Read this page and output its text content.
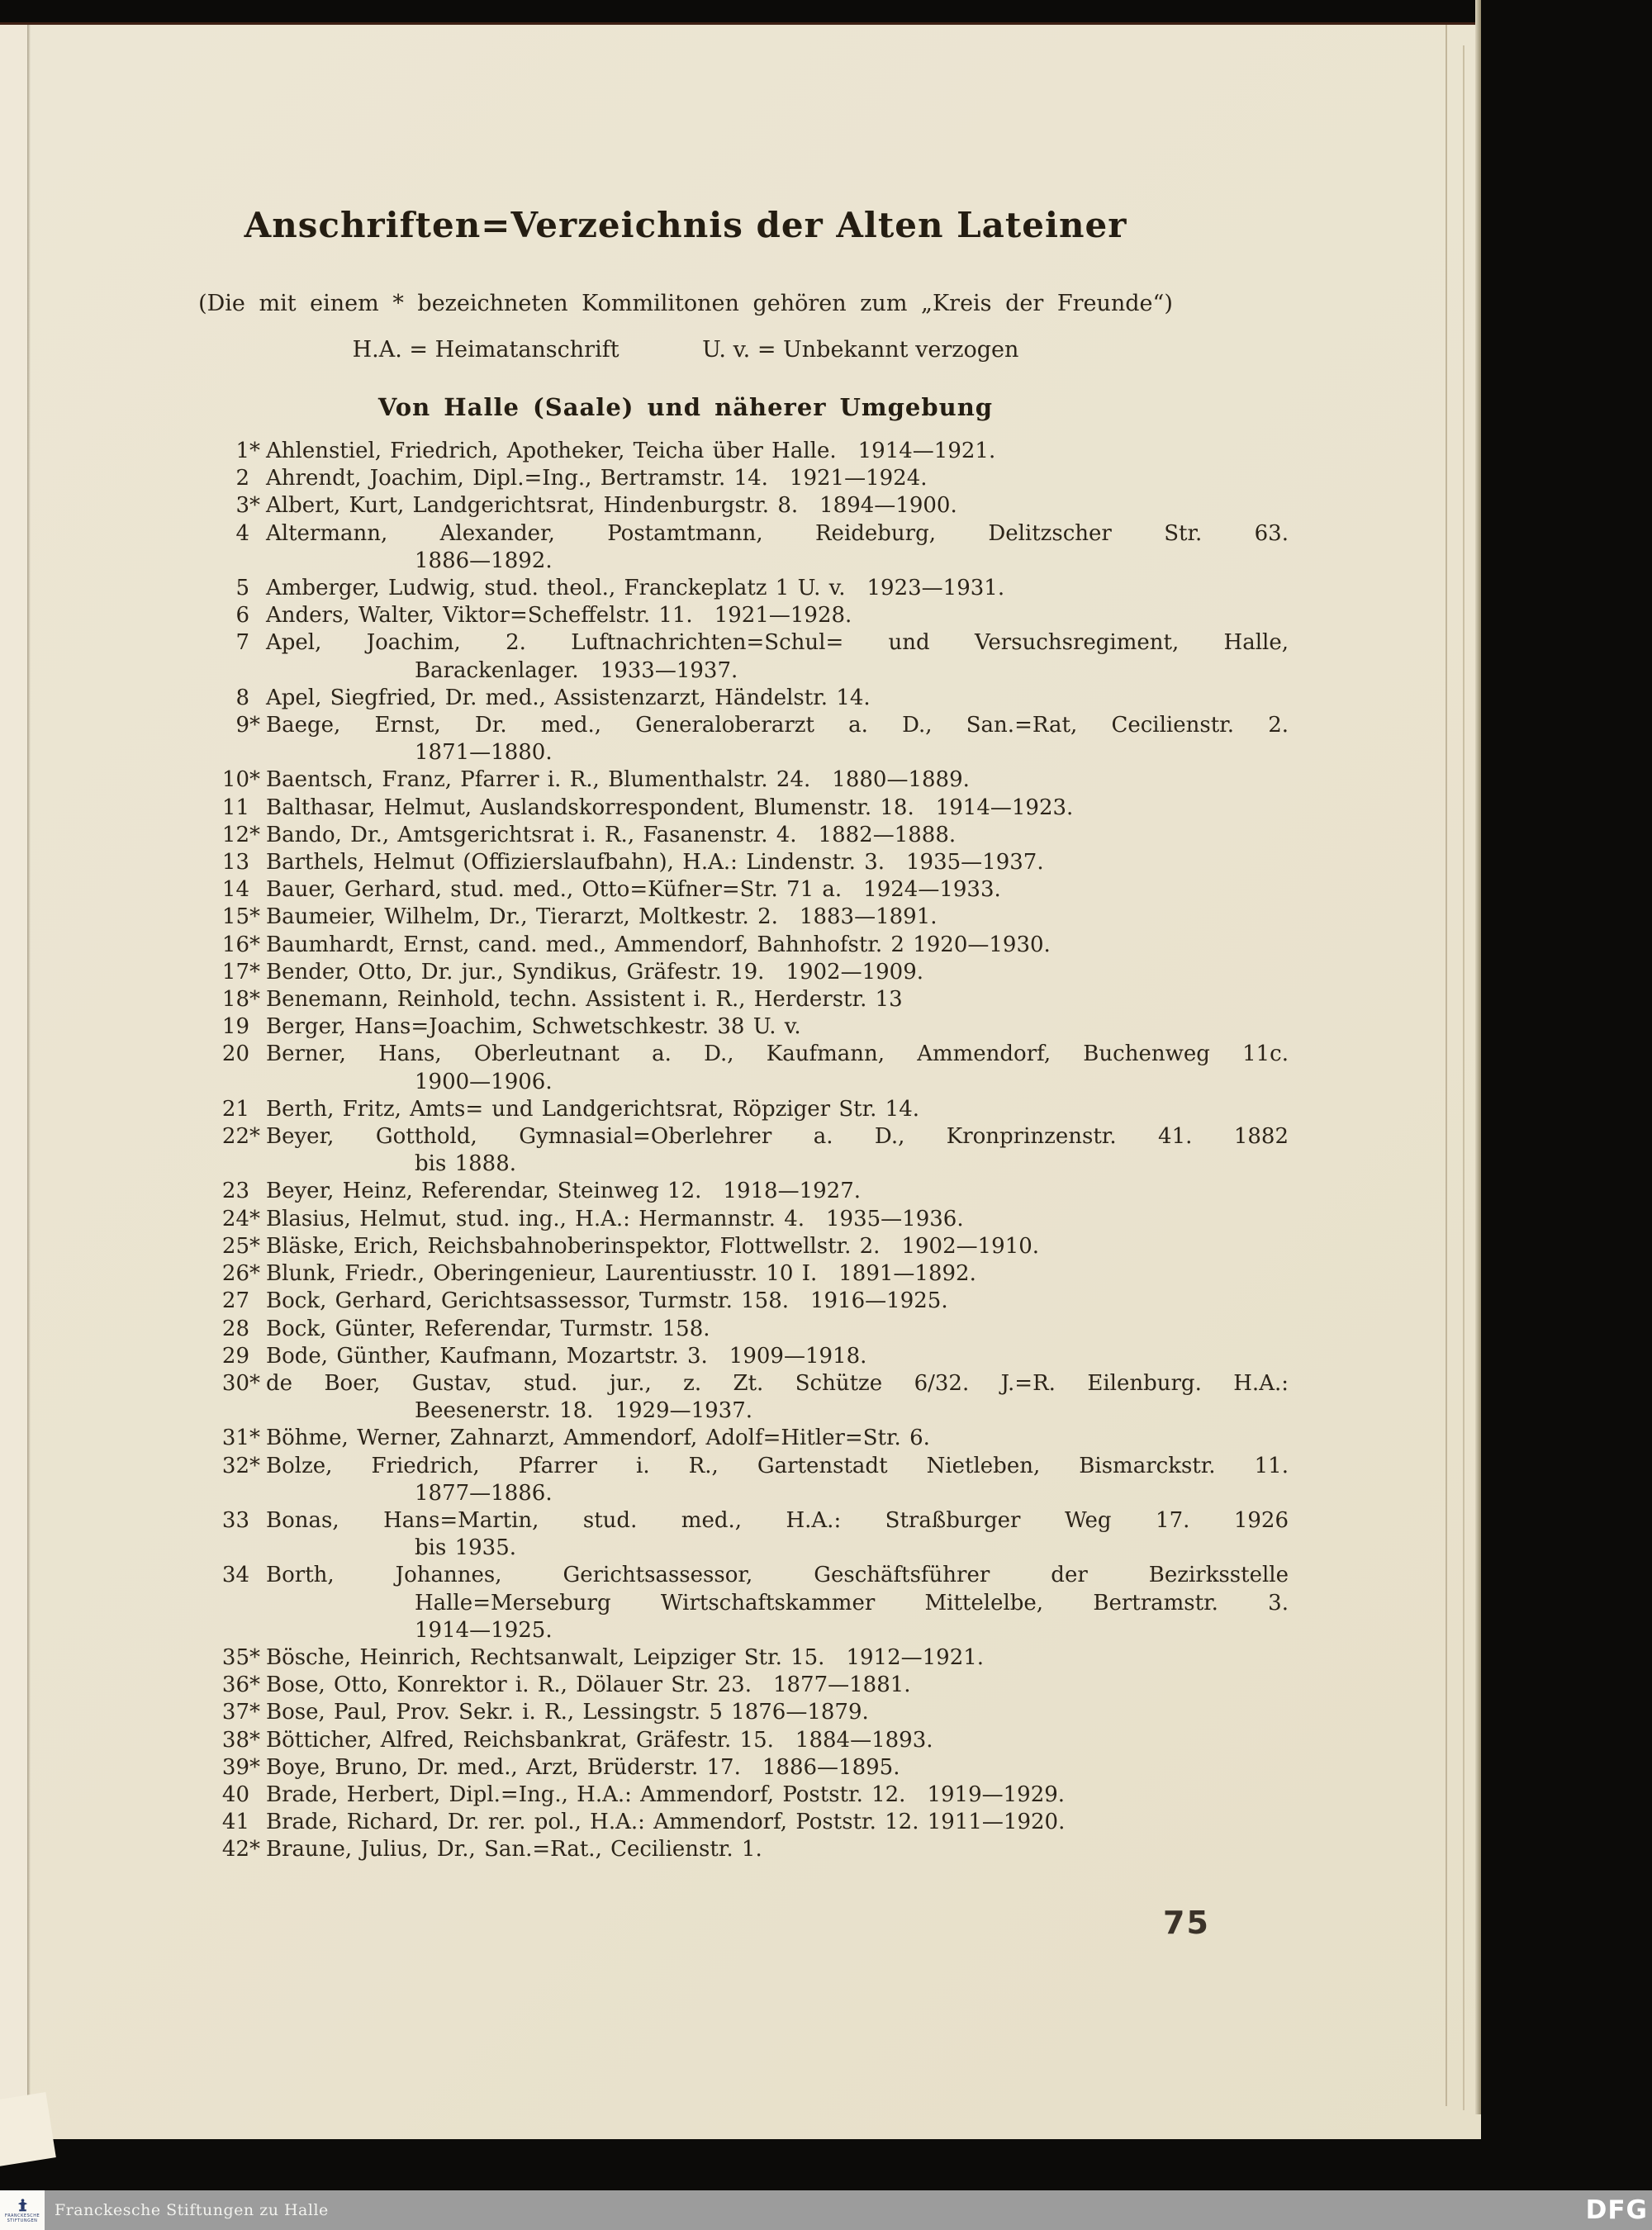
Anschriften=Verzeichnis der Alten Lateiner
(Die mit einem * bezeichneten Kommilitonen gehören zum „Kreis der Freunde“)
H.A. = Heimatanschrift	U. v. = Unbekannt verzogen
Von Halle (Saale) und näherer Umgebung
1 * Ahlenstiel, Friedrich, Apotheker, Teicha über Halle. 1914—1921.
2 Ahrendt, Joachim, Dipl.=Ing., Bertramstr. 14. 1921—1924.
3 * Albert, Kurt, Landgerichtsrat, Hindenburgstr. 8. 1894—1900.
4 Altermann, Alexander, Postamtmann, Reideburg, Delitzscher Str. 63.
1886—1892.
5 Amberger, Ludwig, stud. theol., Franckeplatz 1 U. v. 1923—1931.
6 Anders, Walter, Viktor=Scheffelstr. 11. 1921—1928.
7 Apel, Joachim, 2. Luftnachrichten=Schul= und Versuchsregiment, Halle,
Barackenlager. 1933—1937.
8 Apel, Siegfried, Dr. med., Assistenzarzt, Händelstr. 14.
9 * Baege, Ernst, Dr. med., Generaloberarzt a. D., San.=Rat, Cecilienstr. 2.
1871—1880.
10 * Baentsch, Franz, Pfarrer i. R., Blumenthalstr. 24. 1880—1889.
11 Balthasar, Helmut, Auslandskorrespondent, Blumenstr. 18. 1914—1923.
12 * Bando, Dr., Amtsgerichtsrat i. R., Fasanenstr. 4. 1882—1888.
13 Barthels, Helmut (Offizierslaufbahn), H.A.: Lindenstr. 3. 1935—1937.
14 Bauer, Gerhard, stud. med., Otto=Küfner=Str. 71 a. 1924—1933.
15 * Baumeier, Wilhelm, Dr., Tierarzt, Moltkestr. 2. 1883—1891.
16 * Baumhardt, Ernst, cand. med., Ammendorf, Bahnhofstr. 2 1920—1930.
17 * Bender, Otto, Dr. jur., Syndikus, Gräfestr. 19. 1902—1909.
18 * Benemann, Reinhold, techn. Assistent i. R., Herderstr. 13
19 Berger, Hans=Joachim, Schwetschkestr. 38 U. v.
20 Berner, Hans, Oberleutnant a. D., Kaufmann, Ammendorf, Buchenweg 11c.
1900—1906.
21 Berth, Fritz, Amts= und Landgerichtsrat, Röpziger Str. 14.
22 * Beyer, Gotthold, Gymnasial=Oberlehrer a. D., Kronprinzenstr. 41. 1882
bis 1888.
23 Beyer, Heinz, Referendar, Steinweg 12. 1918—1927.
24 * Blasius, Helmut, stud. ing., H.A.: Hermannstr. 4. 1935—1936.
25 * Bläske, Erich, Reichsbahnoberinspektor, Flottwellstr. 2. 1902—1910.
26 * Blunk, Friedr., Oberingenieur, Laurentiusstr. 10 I. 1891—1892.
27 Bock, Gerhard, Gerichtsassessor, Turmstr. 158. 1916—1925.
28 Bock, Günter, Referendar, Turmstr. 158.
29 Bode, Günther, Kaufmann, Mozartstr. 3. 1909—1918.
30 * de Boer, Gustav, stud. jur., z. Zt. Schütze 6/32. J.=R. Eilenburg. H.A.:
Beesenerstr. 18. 1929—1937.
31 * Böhme, Werner, Zahnarzt, Ammendorf, Adolf=Hitler=Str. 6.
32 * Bolze, Friedrich, Pfarrer i. R., Gartenstadt Nietleben, Bismarckstr. 11.
1877—1886.
33 Bonas, Hans=Martin, stud. med., H.A.: Straßburger Weg 17. 1926
bis 1935.
34 Borth, Johannes, Gerichtsassessor, Geschäftsführer der Bezirksstelle
Halle=Merseburg Wirtschaftskammer Mittelelbe, Bertramstr. 3.
1914—1925.
35 * Bösche, Heinrich, Rechtsanwalt, Leipziger Str. 15. 1912—1921.
36 * Bose, Otto, Konrektor i. R., Dölauer Str. 23. 1877—1881.
37 * Bose, Paul, Prov. Sekr. i. R., Lessingstr. 5 1876—1879.
38 * Bötticher, Alfred, Reichsbankrat, Gräfestr. 15. 1884—1893.
39 * Boye, Bruno, Dr. med., Arzt, Brüderstr. 17. 1886—1895.
40 Brade, Herbert, Dipl.=Ing., H.A.: Ammendorf, Poststr. 12. 1919—1929.
41 Brade, Richard, Dr. rer. pol., H.A.: Ammendorf, Poststr. 12. 1911—1920.
42 * Braune, Julius, Dr., San.=Rat., Cecilienstr. 1.
75
FRANCKESCHE
STIFTUNGEN
Franckesche Stiftungen zu Halle	DFG
